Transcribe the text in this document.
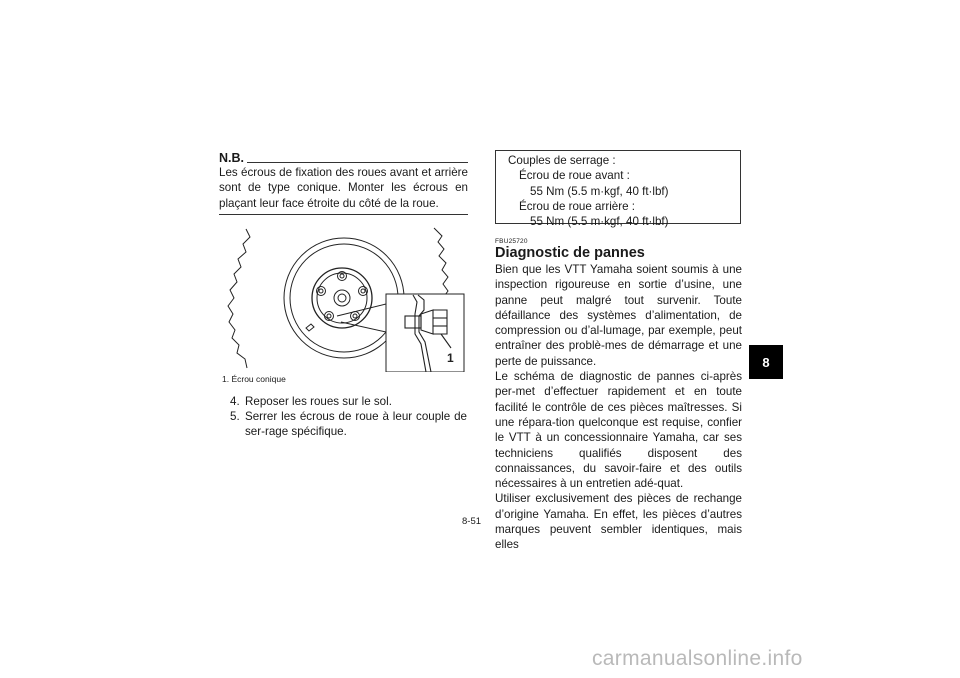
N.B.
Les écrous de fixation des roues avant et arrière sont de type conique. Monter les écrous en plaçant leur face étroite du côté de la roue.
1
1. Écrou conique
4. Reposer les roues sur le sol.
5. Serrer les écrous de roue à leur couple de ser-rage spécifique.
Couples de serrage :
Écrou de roue avant :
55 Nm (5.5 m·kgf, 40 ft·lbf)
Écrou de roue arrière :
55 Nm (5.5 m·kgf, 40 ft·lbf)
FBU25720
Diagnostic de pannes

Bien que les VTT Yamaha soient soumis à une inspection rigoureuse en sortie d’usine, une panne peut malgré tout survenir. Toute défaillance des systèmes d’alimentation, de compression ou d’al-lumage, par exemple, peut entraîner des problè-mes de démarrage et une perte de puissance.

Le schéma de diagnostic de pannes ci-après per-met d’effectuer rapidement et en toute facilité le contrôle de ces pièces maîtresses. Si une répara-tion quelconque est requise, confier le VTT à un concessionnaire Yamaha, car ses techniciens qualifiés disposent des connaissances, du savoir-faire et des outils nécessaires à un entretien adé-quat.

Utiliser exclusivement des pièces de rechange d’origine Yamaha. En effet, les pièces d’autres marques peuvent sembler identiques, mais elles

8
8-51
carmanualsonline.info
